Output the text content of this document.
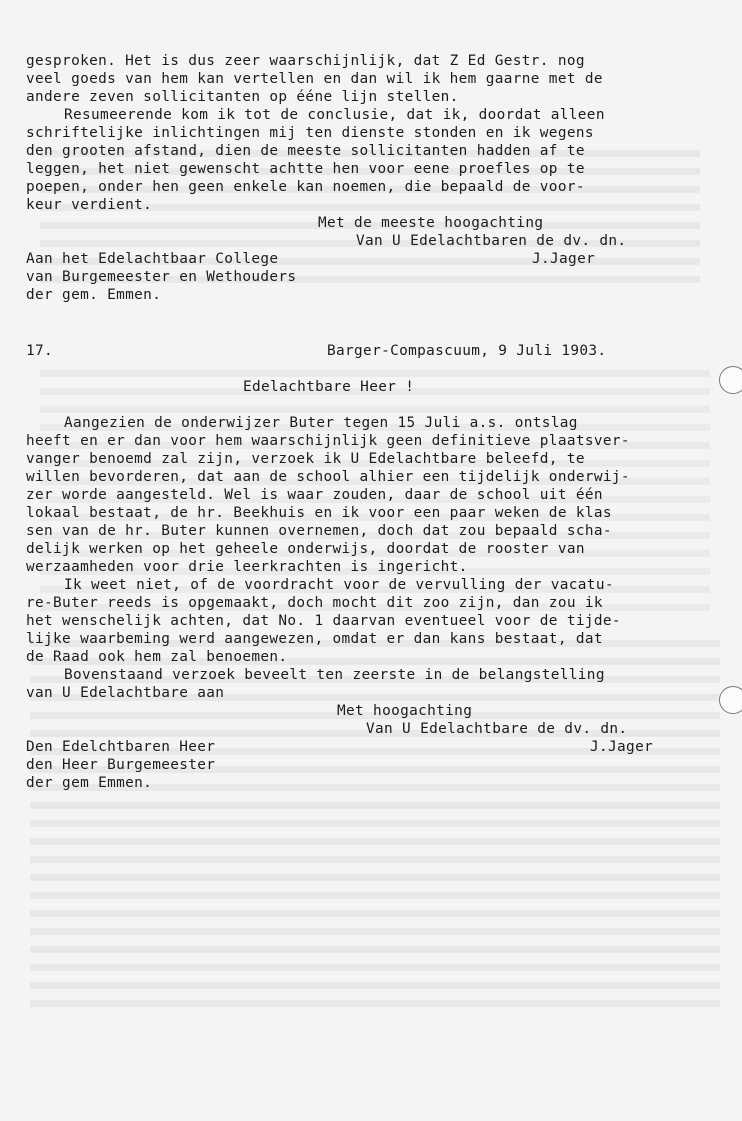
gesproken. Het is dus zeer waarschijnlijk, dat Z Ed Gestr. nog
veel goeds van hem kan vertellen en dan wil ik hem gaarne met de
andere zeven sollicitanten op ééne lijn stellen.
Resumeerende kom ik tot de conclusie, dat ik, doordat alleen
schriftelijke inlichtingen mij ten dienste stonden en ik wegens
den grooten afstand, dien de meeste sollicitanten hadden af te
leggen, het niet gewenscht achtte hen voor eene proefles op te
poepen, onder hen geen enkele kan noemen, die bepaald de voor-
keur verdient.
Met de meeste hoogachting
Van U Edelachtbaren de dv. dn.
Aan het Edelachtbaar College	J.Jager
van Burgemeester en Wethouders
der gem. Emmen.
17.	Barger-Compascuum, 9 Juli 1903.
Edelachtbare Heer !
Aangezien de onderwijzer Buter tegen 15 Juli a.s. ontslag
heeft en er dan voor hem waarschijnlijk geen definitieve plaatsver-
vanger benoemd zal zijn, verzoek ik U Edelachtbare beleefd, te
willen bevorderen, dat aan de school alhier een tijdelijk onderwij-
zer worde aangesteld. Wel is waar zouden, daar de school uit één
lokaal bestaat, de hr. Beekhuis en ik voor een paar weken de klas
sen van de hr. Buter kunnen overnemen, doch dat zou bepaald scha-
delijk werken op het geheele onderwijs, doordat de rooster van
werzaamheden voor drie leerkrachten is ingericht.
Ik weet niet, of de voordracht voor de vervulling der vacatu-
re-Buter reeds is opgemaakt, doch mocht dit zoo zijn, dan zou ik
het wenschelijk achten, dat No. 1 daarvan eventueel voor de tijde-
lijke waarbeming werd aangewezen, omdat er dan kans bestaat, dat
de Raad ook hem zal benoemen.
Bovenstaand verzoek beveelt ten zeerste in de belangstelling
van U Edelachtbare aan
Met hoogachting
Van U Edelachtbare de dv. dn.
Den Edelchtbaren Heer	J.Jager
den Heer Burgemeester
der gem Emmen.
